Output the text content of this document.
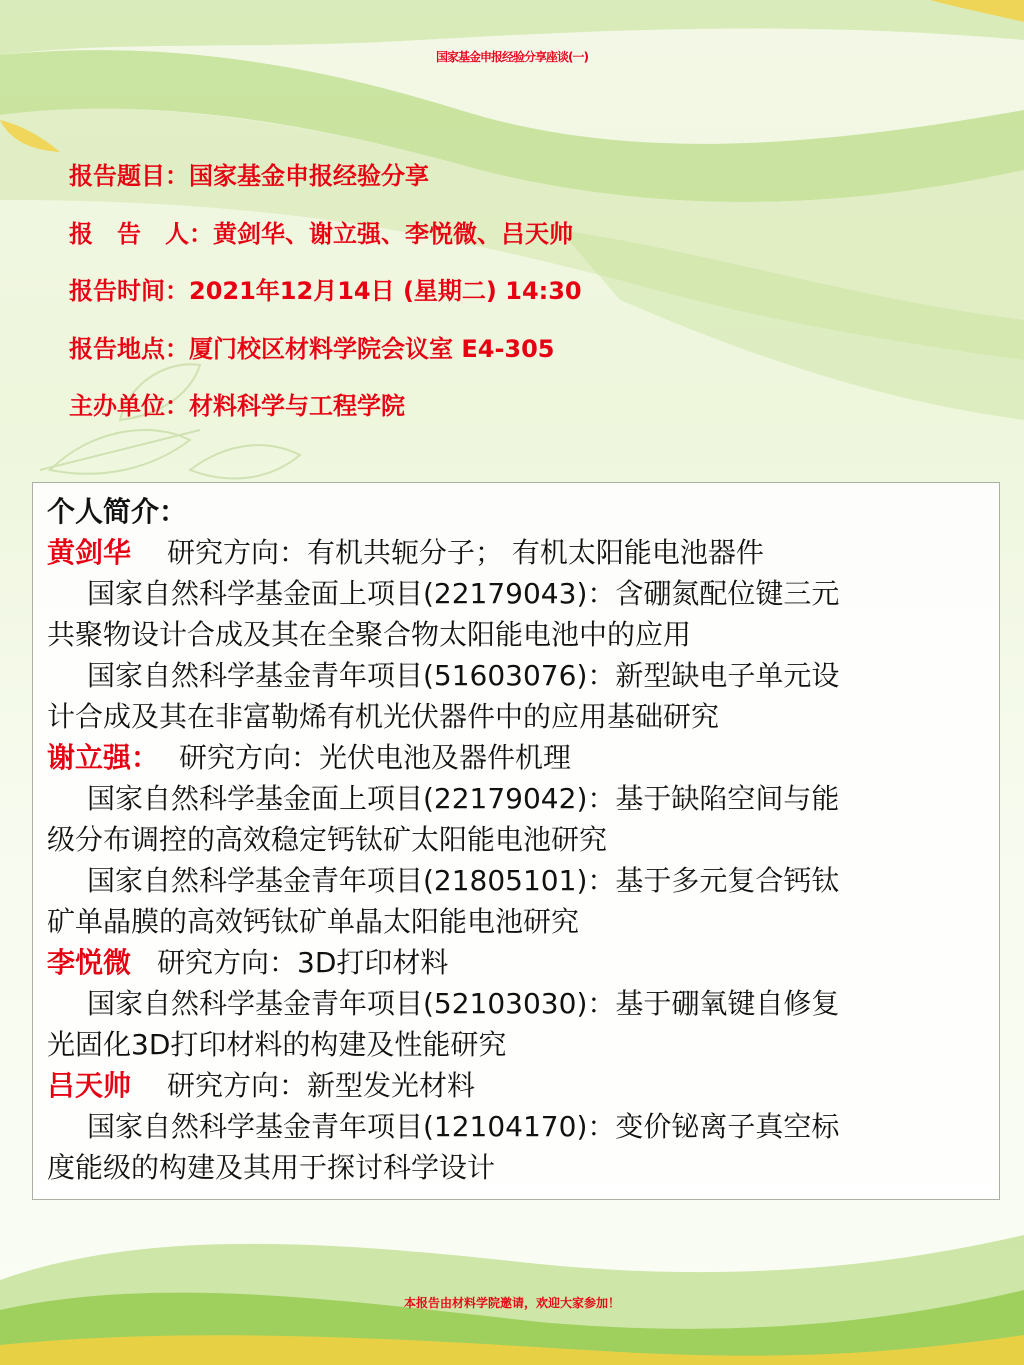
国家基金申报经验分享座谈(一)
报告题目：国家基金申报经验分享
报　告　人：黄剑华、谢立强、李悦微、吕天帅
报告时间：2021年12月14日 (星期二) 14:30
报告地点：厦门校区材料学院会议室 E4-305
主办单位：材料科学与工程学院
个人简介：
黄剑华 研究方向：有机共轭分子； 有机太阳能电池器件
国家自然科学基金面上项目(22179043)：含硼氮配位键三元
共聚物设计合成及其在全聚合物太阳能电池中的应用
国家自然科学基金青年项目(51603076)：新型缺电子单元设
计合成及其在非富勒烯有机光伏器件中的应用基础研究
谢立强： 研究方向：光伏电池及器件机理
国家自然科学基金面上项目(22179042)：基于缺陷空间与能
级分布调控的高效稳定钙钛矿太阳能电池研究
国家自然科学基金青年项目(21805101)：基于多元复合钙钛
矿单晶膜的高效钙钛矿单晶太阳能电池研究
李悦微 研究方向：3D打印材料
国家自然科学基金青年项目(52103030)：基于硼氧键自修复
光固化3D打印材料的构建及性能研究
吕天帅 研究方向：新型发光材料
国家自然科学基金青年项目(12104170)：变价铋离子真空标
度能级的构建及其用于探讨科学设计
本报告由材料学院邀请，欢迎大家参加！
